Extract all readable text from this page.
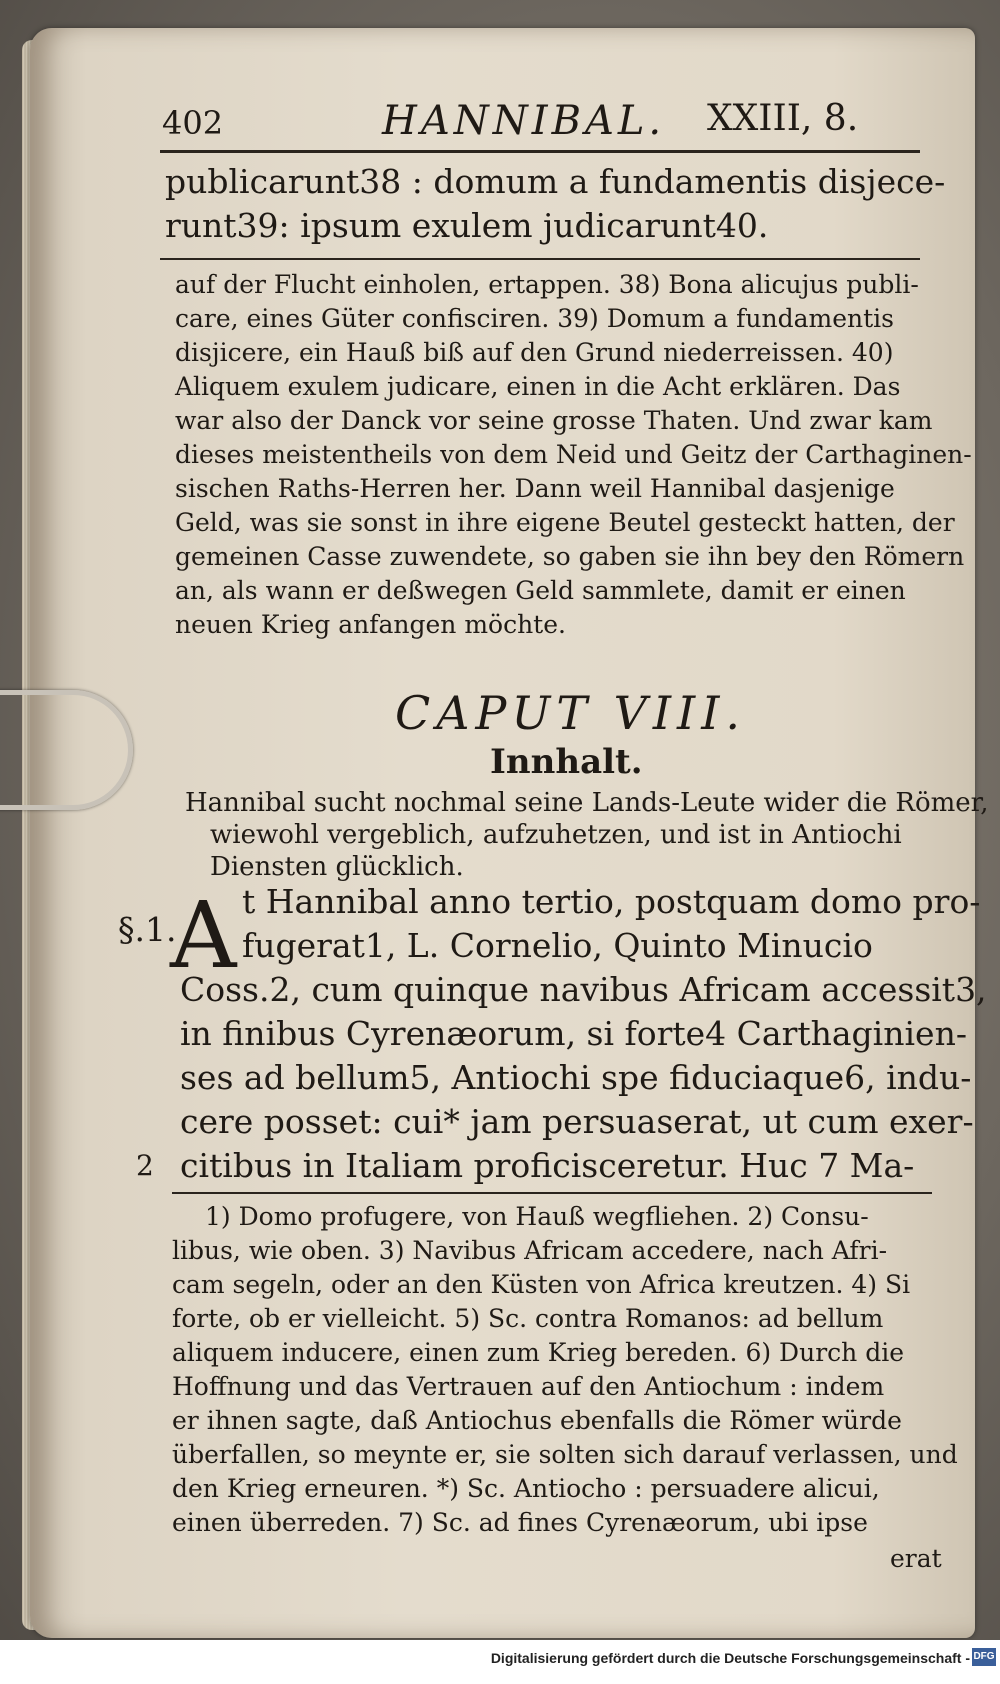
402	HANNIBAL. XXIII, 8.
publicarunt38 : domum a fundamentis disjece-
runt39: ipsum exulem judicarunt40.
auf der Flucht einholen, ertappen. 38) Bona alicujus publi-
care, eines Güter confisciren. 39) Domum a fundamentis
disjicere, ein Hauß biß auf den Grund niederreissen. 40)
Aliquem exulem judicare, einen in die Acht erklären. Das
war also der Danck vor seine grosse Thaten. Und zwar kam
dieses meistentheils von dem Neid und Geitz der Carthaginen-
sischen Raths-Herren her. Dann weil Hannibal dasjenige
Geld, was sie sonst in ihre eigene Beutel gesteckt hatten, der
gemeinen Casse zuwendete, so gaben sie ihn bey den Römern
an, als wann er deßwegen Geld sammlete, damit er einen
neuen Krieg anfangen möchte.
CAPUT VIII.
Innhalt.
Hannibal sucht nochmal seine Lands-Leute wider die Römer,
wiewohl vergeblich, aufzuhetzen, und ist in Antiochi
Diensten glücklich.
§.1.
A t Hannibal anno tertio, postquam domo pro-
fugerat1, L. Cornelio, Quinto Minucio
Coss.2, cum quinque navibus Africam accessit3,
in finibus Cyrenæorum, si forte4 Carthaginien-
ses ad bellum5, Antiochi spe fiduciaque6, indu-
cere posset: cui* jam persuaserat, ut cum exer-
citibus in Italiam proficisceretur. Huc 7 Ma-
2
1) Domo profugere, von Hauß wegfliehen. 2) Consu-
libus, wie oben. 3) Navibus Africam accedere, nach Afri-
cam segeln, oder an den Küsten von Africa kreutzen. 4) Si
forte, ob er vielleicht. 5) Sc. contra Romanos: ad bellum
aliquem inducere, einen zum Krieg bereden. 6) Durch die
Hoffnung und das Vertrauen auf den Antiochum : indem
er ihnen sagte, daß Antiochus ebenfalls die Römer würde
überfallen, so meynte er, sie solten sich darauf verlassen, und
den Krieg erneuren. *) Sc. Antiocho : persuadere alicui,
einen überreden. 7) Sc. ad fines Cyrenæorum, ubi ipse
erat
Digitalisierung gefördert durch die Deutsche Forschungsgemeinschaft - DFG
